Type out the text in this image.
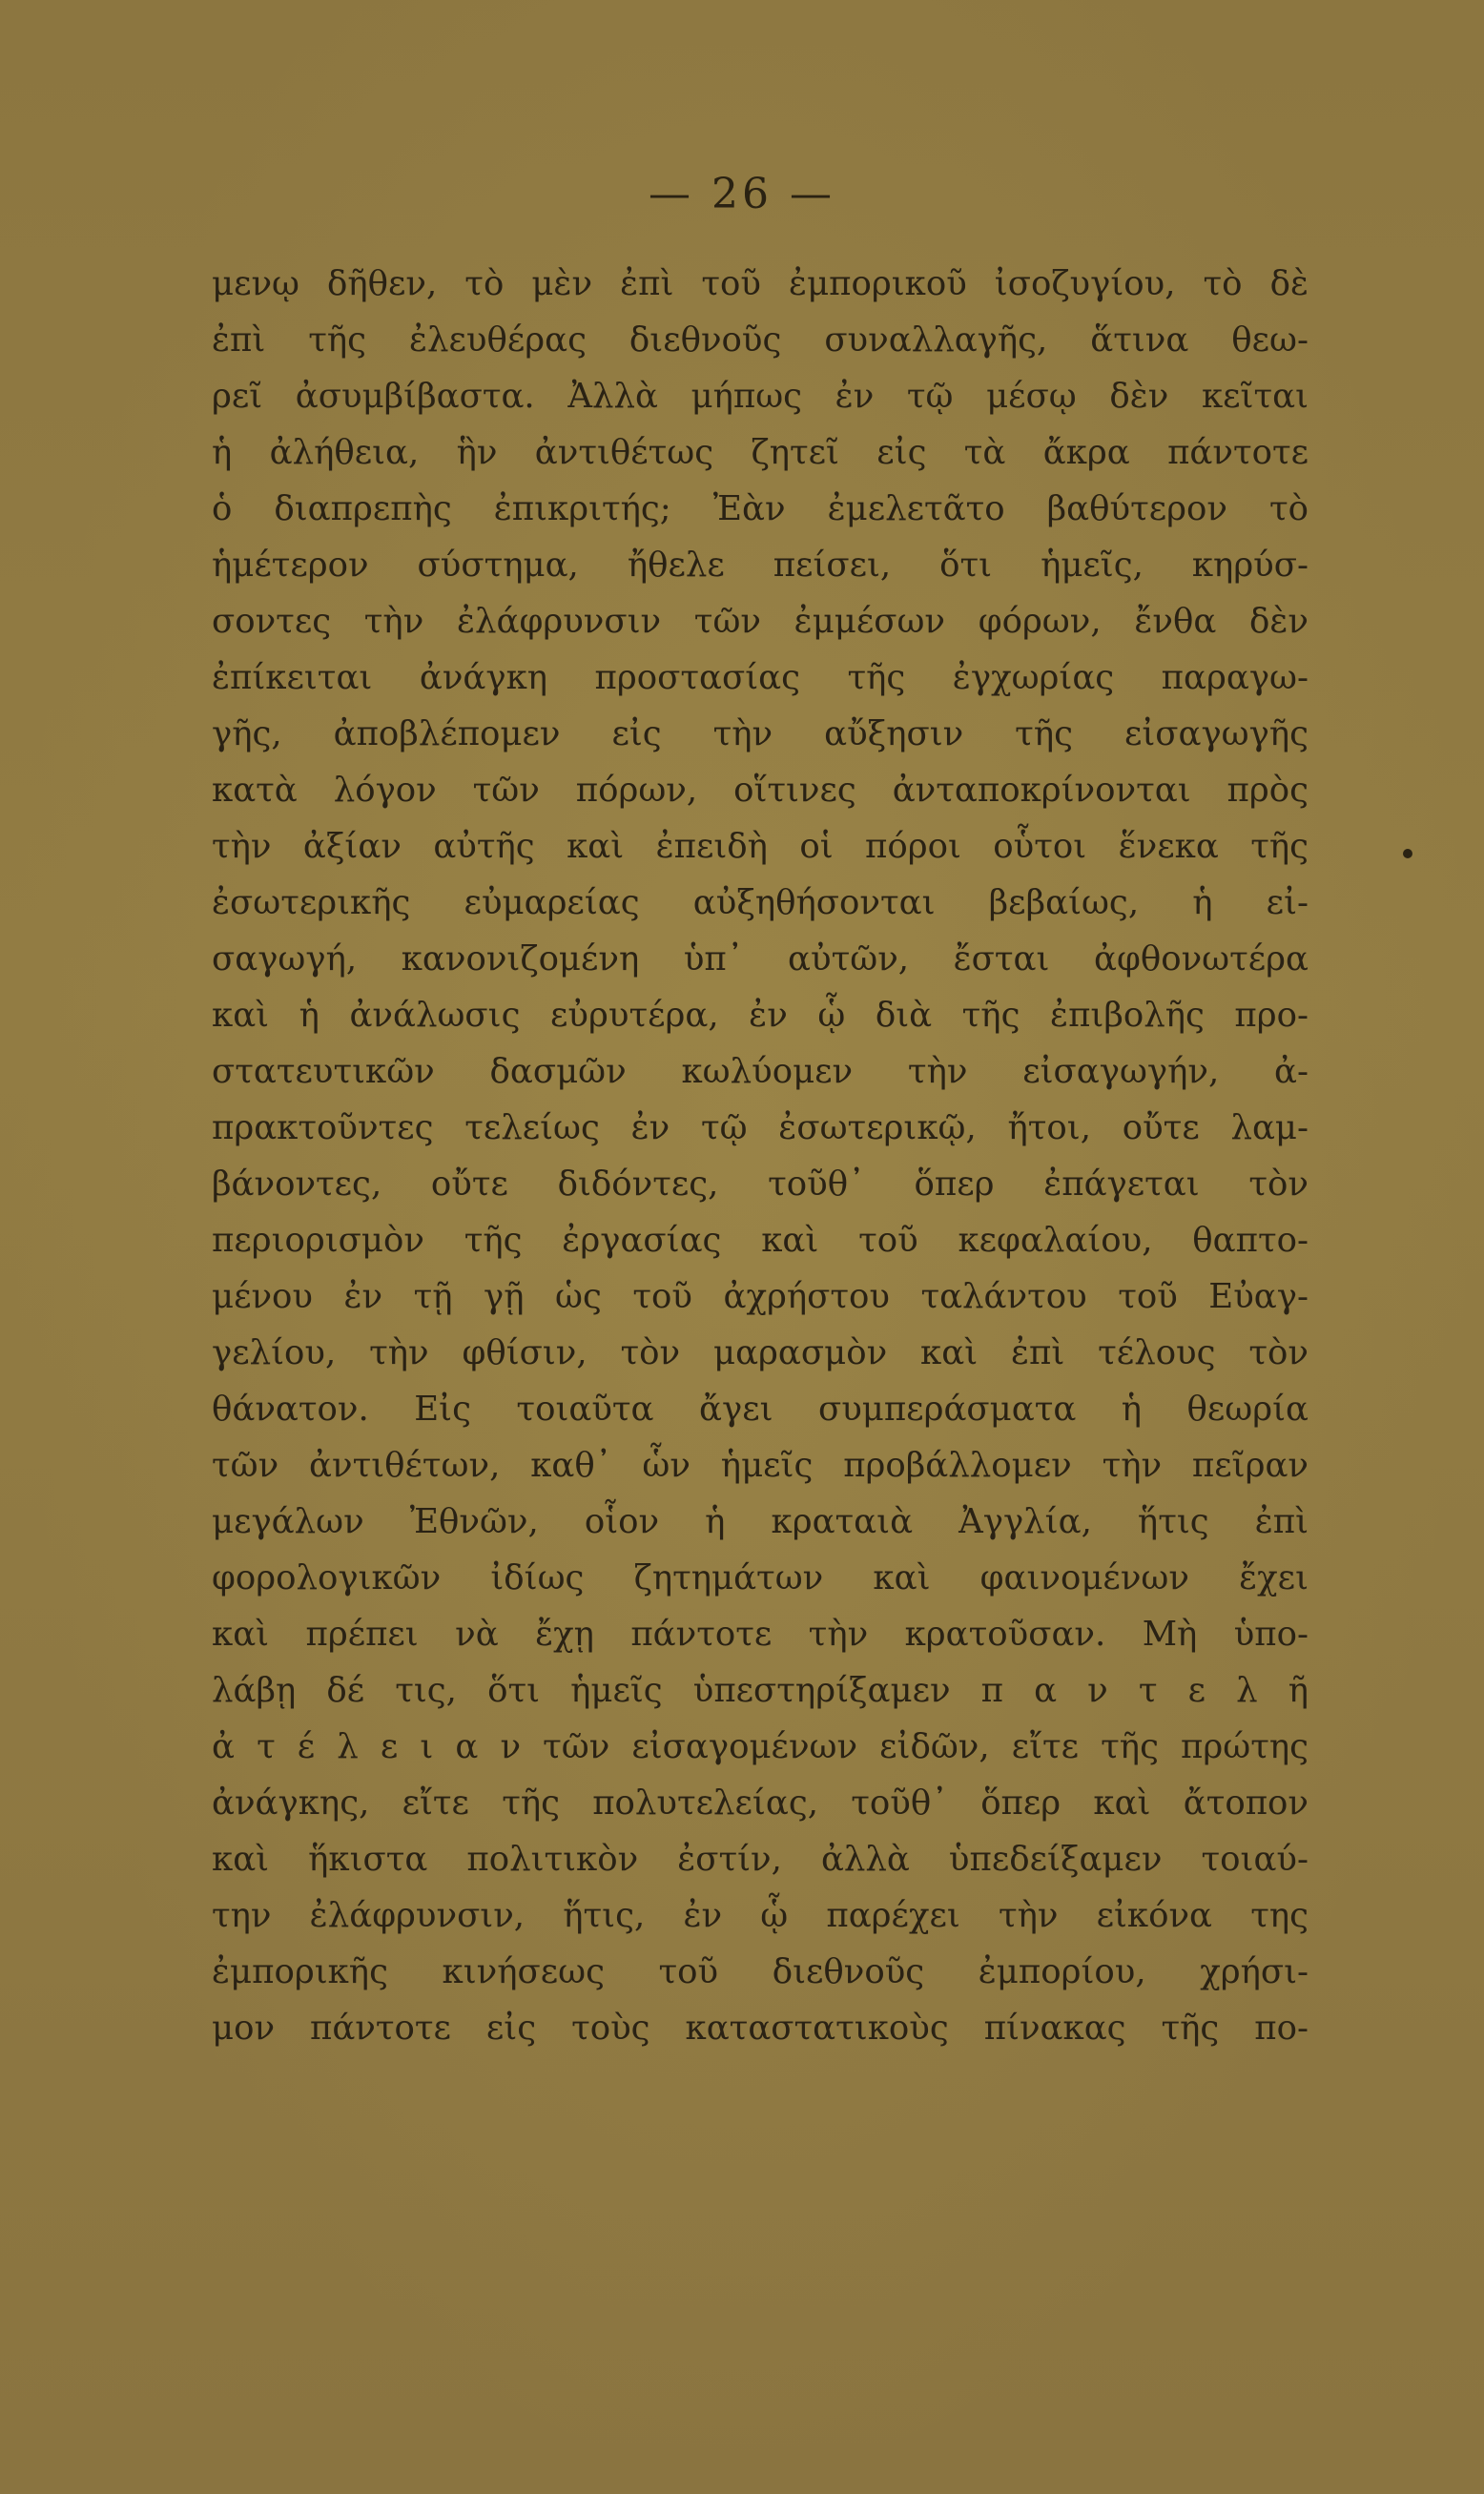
— 26 —
μενῳ δῆθεν, τὸ μὲν ἐπὶ τοῦ ἐμπορικοῦ ἰσοζυγίου, τὸ δὲ
ἐπὶ τῆς ἐλευθέρας διεθνοῦς συναλλαγῆς, ἅτινα θεω-
ρεῖ ἀσυμβίβαστα. Ἀλλὰ μήπως ἐν τῷ μέσῳ δὲν κεῖται
ἡ ἀλήθεια, ἣν ἀντιθέτως ζητεῖ εἰς τὰ ἄκρα πάντοτε
ὁ διαπρεπὴς ἐπικριτής; Ἐὰν ἐμελετᾶτο βαθύτερον τὸ
ἡμέτερον σύστημα, ἤθελε πείσει, ὅτι ἡμεῖς, κηρύσ-
σοντες τὴν ἐλάφρυνσιν τῶν ἐμμέσων φόρων, ἔνθα δὲν
ἐπίκειται ἀνάγκη προστασίας τῆς ἐγχωρίας παραγω-
γῆς, ἀποβλέπομεν εἰς τὴν αὔξησιν τῆς εἰσαγωγῆς
κατὰ λόγον τῶν πόρων, οἵτινες ἀνταποκρίνονται πρὸς
τὴν ἀξίαν αὐτῆς καὶ ἐπειδὴ οἱ πόροι οὗτοι ἕνεκα τῆς
ἐσωτερικῆς εὐμαρείας αὐξηθήσονται βεβαίως, ἡ εἰ-
σαγωγή, κανονιζομένη ὑπ᾽ αὐτῶν, ἔσται ἀφθονωτέρα
καὶ ἡ ἀνάλωσις εὐρυτέρα, ἐν ᾧ διὰ τῆς ἐπιβολῆς προ-
στατευτικῶν δασμῶν κωλύομεν τὴν εἰσαγωγήν, ἀ-
πρακτοῦντες τελείως ἐν τῷ ἐσωτερικῷ, ἤτοι, οὔτε λαμ-
βάνοντες, οὔτε διδόντες, τοῦθ᾽ ὅπερ ἐπάγεται τὸν
περιορισμὸν τῆς ἐργασίας καὶ τοῦ κεφαλαίου, θαπτο-
μένου ἐν τῇ γῇ ὡς τοῦ ἀχρήστου ταλάντου τοῦ Εὐαγ-
γελίου, τὴν φθίσιν, τὸν μαρασμὸν καὶ ἐπὶ τέλους τὸν
θάνατον. Εἰς τοιαῦτα ἄγει συμπεράσματα ἡ θεωρία
τῶν ἀντιθέτων, καθ᾽ ὧν ἡμεῖς προβάλλομεν τὴν πεῖραν
μεγάλων Ἐθνῶν, οἷον ἡ κραταιὰ Ἀγγλία, ἥτις ἐπὶ
φορολογικῶν ἰδίως ζητημάτων καὶ φαινομένων ἔχει
καὶ πρέπει νὰ ἔχῃ πάντοτε τὴν κρατοῦσαν. Μὴ ὑπο-
λάβῃ δέ τις, ὅτι ἡμεῖς ὑπεστηρίξαμεν π α ν τ ε λ ῆ
ἀ τ έ λ ε ι α ν τῶν εἰσαγομένων εἰδῶν, εἴτε τῆς πρώτης
ἀνάγκης, εἴτε τῆς πολυτελείας, τοῦθ᾽ ὅπερ καὶ ἄτοπον
καὶ ἥκιστα πολιτικὸν ἐστίν, ἀλλὰ ὑπεδείξαμεν τοιαύ-
την ἐλάφρυνσιν, ἥτις, ἐν ᾧ παρέχει τὴν εἰκόνα της
ἐμπορικῆς κινήσεως τοῦ διεθνοῦς ἐμπορίου, χρήσι-
μον πάντοτε εἰς τοὺς καταστατικοὺς πίνακας τῆς πο-
